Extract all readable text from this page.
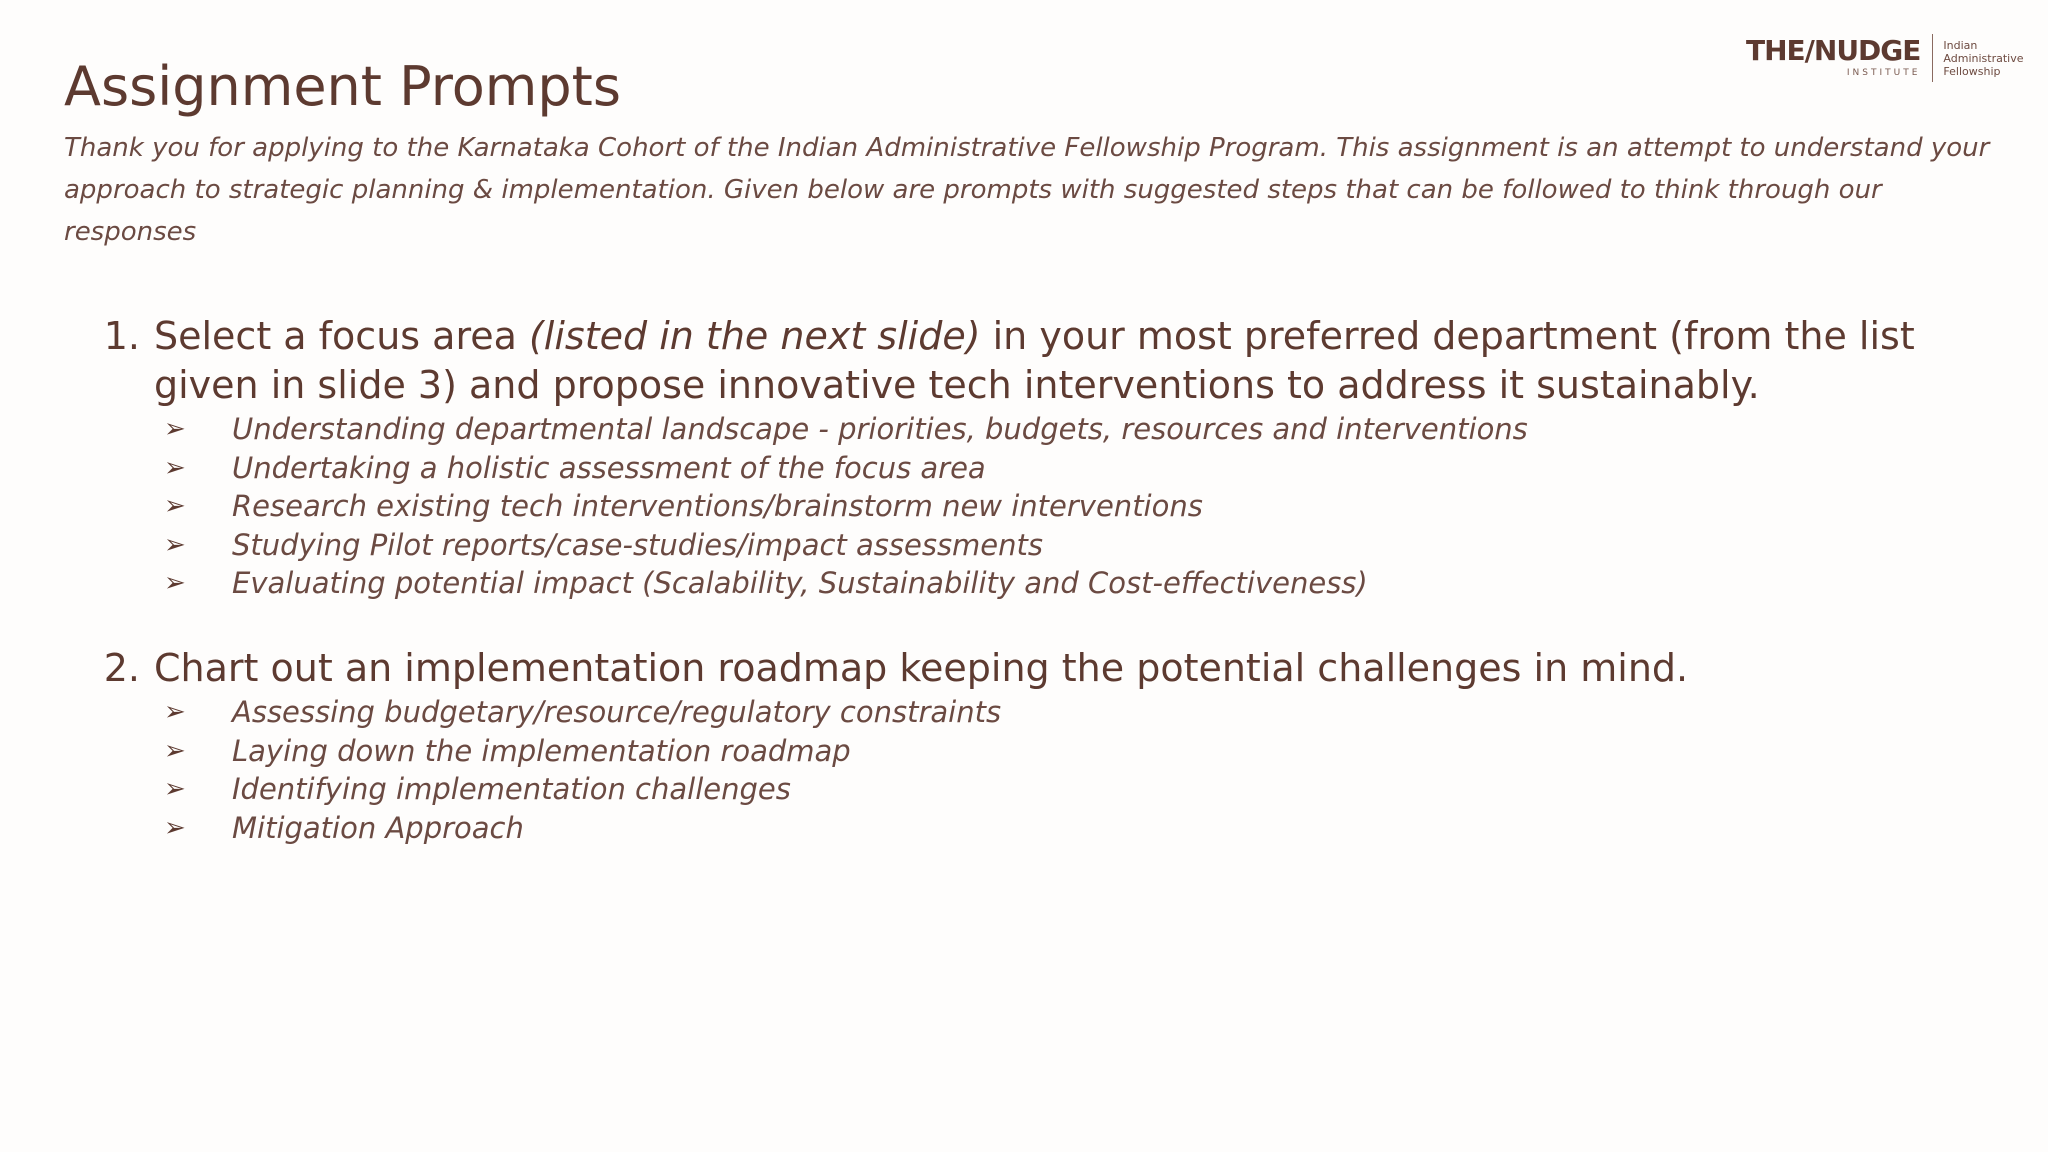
THE/NUDGE
INSTITUTE
Indian
Administrative
Fellowship
Assignment Prompts

Thank you for applying to the Karnataka Cohort of the Indian Administrative Fellowship Program. This assignment is an attempt to understand your approach to strategic planning & implementation. Given below are prompts with suggested steps that can be followed to think through our responses

1. Select a focus area (listed in the next slide) in your most preferred department (from the list given in slide 3) and propose innovative tech interventions to address it sustainably.
➢ Understanding departmental landscape - priorities, budgets, resources and interventions
➢ Undertaking a holistic assessment of the focus area
➢ Research existing tech interventions/brainstorm new interventions
➢ Studying Pilot reports/case-studies/impact assessments
➢ Evaluating potential impact (Scalability, Sustainability and Cost-effectiveness)
2. Chart out an implementation roadmap keeping the potential challenges in mind.
➢ Assessing budgetary/resource/regulatory constraints
➢ Laying down the implementation roadmap
➢ Identifying implementation challenges
➢ Mitigation Approach
